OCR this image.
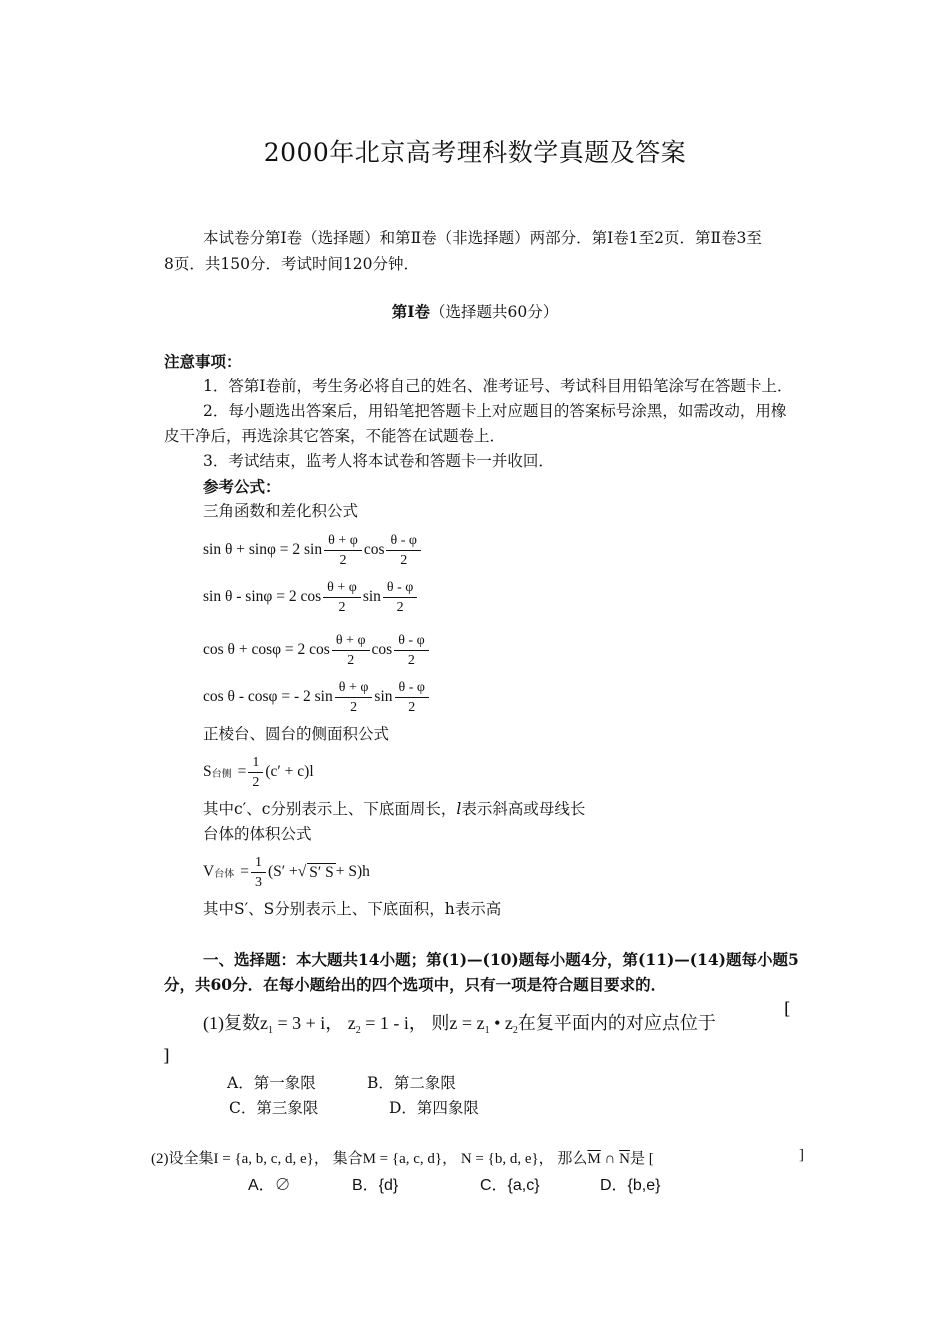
2000年北京高考理科数学真题及答案
本试卷分第Ⅰ卷（选择题）和第Ⅱ卷（非选择题）两部分．第Ⅰ卷1至2页．第Ⅱ卷3至
8页．共150分．考试时间120分钟．
第Ⅰ卷（选择题共60分）
注意事项：
1．答第Ⅰ卷前，考生务必将自己的姓名、准考证号、考试科目用铅笔涂写在答题卡上．
2．每小题选出答案后，用铅笔把答题卡上对应题目的答案标号涂黑，如需改动，用橡
皮干净后，再选涂其它答案，不能答在试题卷上．
3．考试结束，监考人将本试卷和答题卡一并收回．
参考公式：
三角函数和差化积公式
sin θ + sinφ = 2 $\sin \frac{\theta + \varphi}{2}$ $\cos \frac{\theta - \varphi}{2}$
sin θ - sinφ = 2 $\cos \frac{\theta + \varphi}{2}$ $\sin \frac{\theta - \varphi}{2}$
cos θ + cosφ = 2 $\cos \frac{\theta + \varphi}{2}$ $\cos \frac{\theta - \varphi}{2}$
cos θ - cosφ = - 2 $\sin \frac{\theta + \varphi}{2}$ $\sin \frac{\theta - \varphi}{2}$
正棱台、圆台的侧面积公式
S 台侧 = $\frac{1}{2} (c' + c)l$
其中c′、c分别表示上、下底面周长，l表示斜高或母线长
台体的体积公式
V 台体 = $\frac{1}{3} (S'$ + √ S′ S + S)h
其中S′、S分别表示上、下底面积，h表示高
一、选择题：本大题共14小题；第(1)—(10)题每小题4分，第(11)—(14)题每小题5
分，共60分．在每小题给出的四个选项中，只有一项是符合题目要求的．
(1)复数$z_1 = 3 + i$， $z_2 = 1 - i$， 则$z = z_1$ • $z_2$在复平面内的对应点位于
[
]
A．第一象限	B．第二象限
C．第三象限	D．第四象限
(2)设全集I = {a, b, c, d, e}， 集合M = {a, c, d}， N = {b, d, e}， 那么$\overline{M}$ ∩ $\overline{N}$是 [	]
A．∅	B．{d}	C．{a,c}	D．{b,e}
